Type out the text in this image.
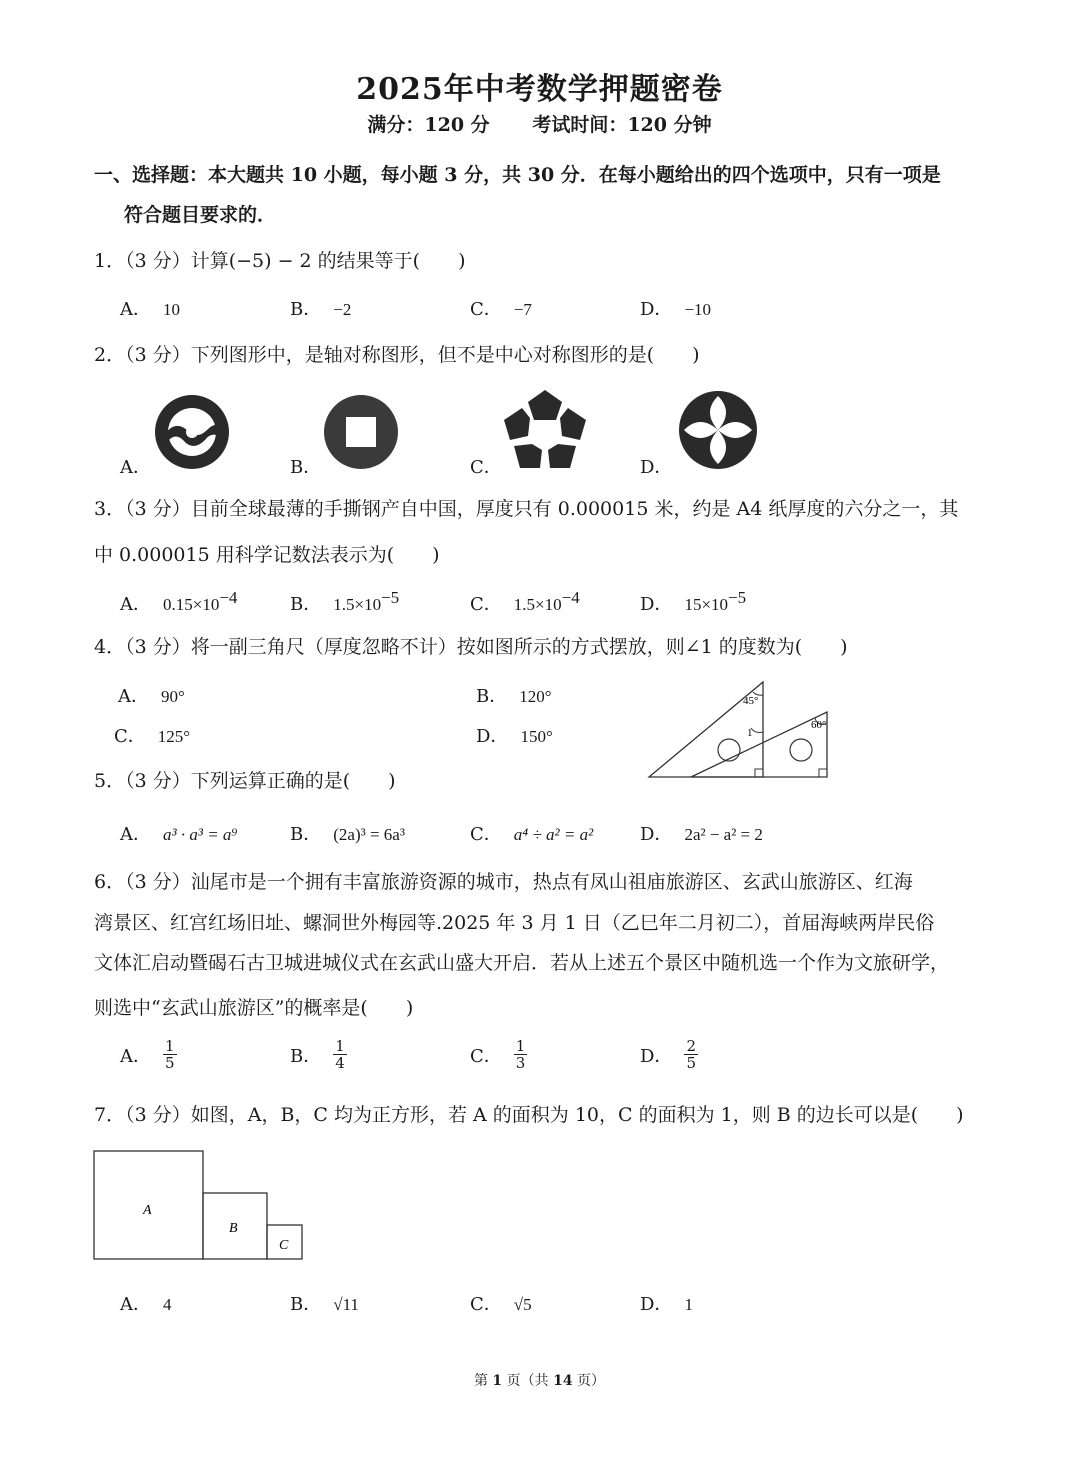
2025年中考数学押题密卷
满分：120 分 考试时间：120 分钟
一、选择题：本大题共 10 小题，每小题 3 分，共 30 分．在每小题给出的四个选项中，只有一项是
符合题目要求的．
1．（3 分）计算(−5) − 2 的结果等于(　　)
A． 10	B． −2	C． −7	D． −10
2．（3 分）下列图形中，是轴对称图形，但不是中心对称图形的是(　　)
A．	B．	C．	D．
3．（3 分）目前全球最薄的手撕钢产自中国，厚度只有 0.000015 米，约是 A4 纸厚度的六分之一，其
中 0.000015 用科学记数法表示为(　　)
A． $0.15\times 10^{-4}$	B． $1.5\times 10^{-5}$	C． $1.5\times 10^{-4}$	D． $15\times 10^{-5}$
4．（3 分）将一副三角尺（厚度忽略不计）按如图所示的方式摆放，则∠1 的度数为(　　)
A． 90°	B． 120°
C． 125°	D． 150°
45°
60°
1
5．（3 分）下列运算正确的是(　　)
A． a³ · a³ = a⁹	B． (2a)³ = 6a³	C． a⁴ ÷ a² = a²	D． 2a² − a² = 2
6．（3 分）汕尾市是一个拥有丰富旅游资源的城市，热点有凤山祖庙旅游区、玄武山旅游区、红海
湾景区、红宫红场旧址、螺洞世外梅园等.2025 年 3 月 1 日（乙巳年二月初二），首届海峡两岸民俗
文体汇启动暨碣石古卫城进城仪式在玄武山盛大开启．若从上述五个景区中随机选一个作为文旅研学，
则选中“玄武山旅游区”的概率是(　　)
A． $\frac{1}{5}$	B． $\frac{1}{4}$	C． $\frac{1}{3}$	D． $\frac{2}{5}$
7．（3 分）如图，A，B，C 均为正方形，若 A 的面积为 10，C 的面积为 1，则 B 的边长可以是(　　)
A
B
C
A． 4	B． √11	C． √5	D． 1
第 1 页（共 14 页）
